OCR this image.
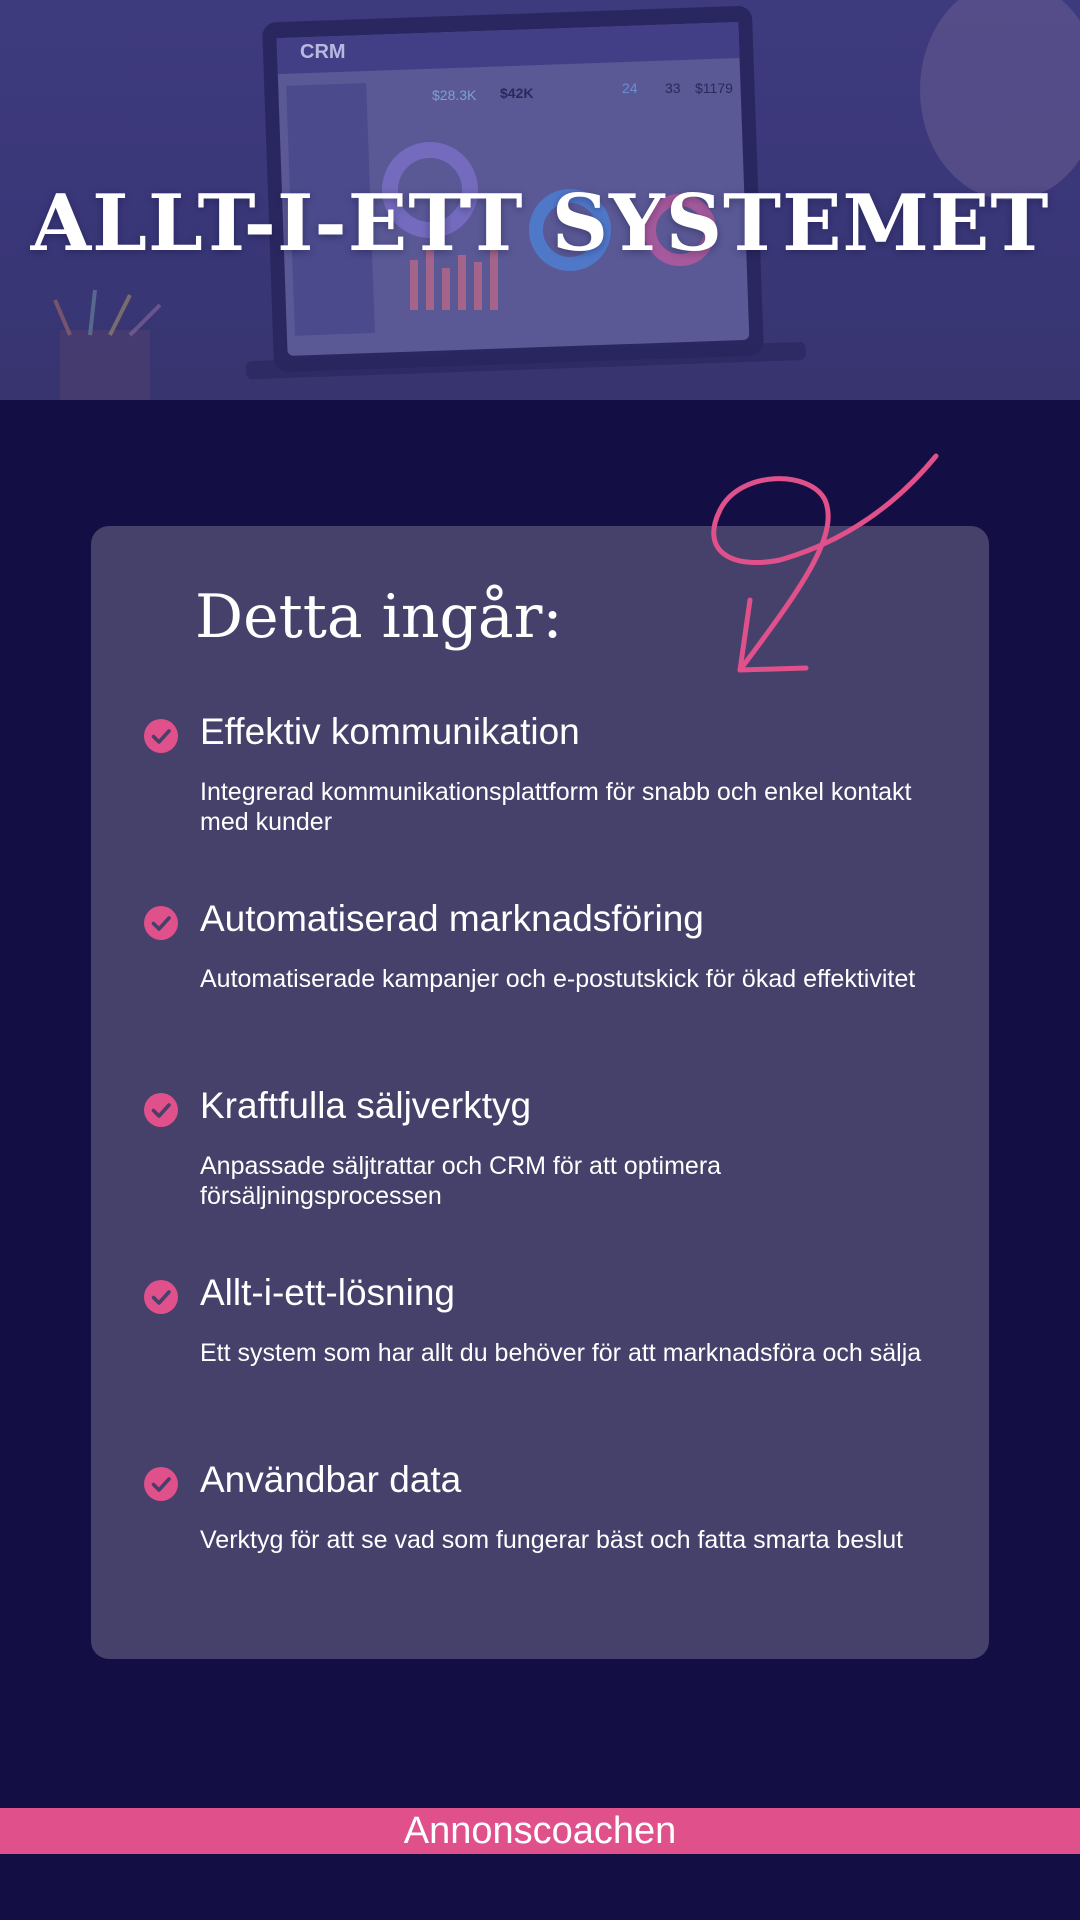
CRM
$28.3K $42K	24 33 $1179
ALLT-I-ETT SYSTEMET
Detta ingår:
Effektiv kommunikation

Integrerad kommunikationsplattform för snabb och enkel kontakt med kunder

Automatiserad marknadsföring

Automatiserade kampanjer och e-postutskick för ökad effektivitet

Kraftfulla säljverktyg

Anpassade säljtrattar och CRM för att optimera försäljningsprocessen

Allt-i-ett-lösning

Ett system som har allt du behöver för att marknadsföra och sälja

Användbar data

Verktyg för att se vad som fungerar bäst och fatta smarta beslut

Annonscoachen
